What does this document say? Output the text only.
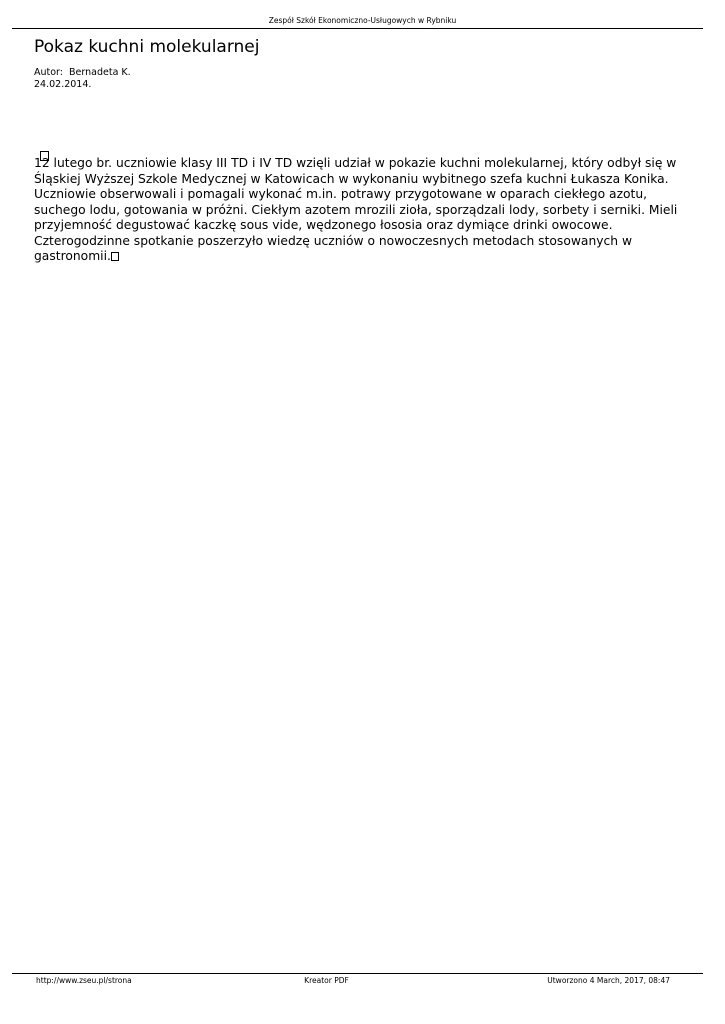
Zespół Szkół Ekonomiczno-Usługowych w Rybniku
Pokaz kuchni molekularnej
Autor:  Bernadeta K.
24.02.2014.
12 lutego br. uczniowie klasy III TD i IV TD wzięli udział w pokazie kuchni molekularnej, który odbył się w
Śląskiej Wyższej Szkole Medycznej w Katowicach w wykonaniu wybitnego szefa kuchni Łukasza Konika.
Uczniowie obserwowali i pomagali wykonać m.in. potrawy przygotowane w oparach ciekłego azotu,
suchego lodu, gotowania w próżni. Ciekłym azotem mrozili zioła, sporządzali lody, sorbety i serniki. Mieli
przyjemność degustować kaczkę sous vide, wędzonego łososia oraz dymiące drinki owocowe.
Czterogodzinne spotkanie poszerzyło wiedzę uczniów o nowoczesnych metodach stosowanych w
gastronomii.
http://www.zseu.pl/strona	Kreator PDF	Utworzono 4 March, 2017, 08:47
